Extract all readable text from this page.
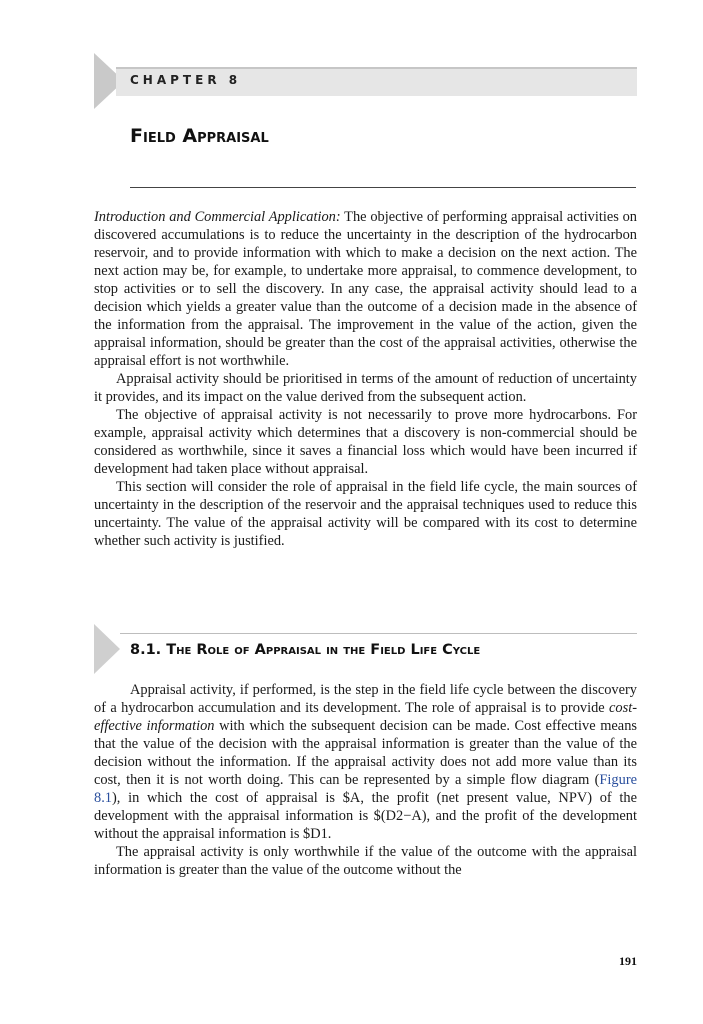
CHAPTER 8
Field Appraisal

Introduction and Commercial Application: The objective of performing appraisal activities on discovered accumulations is to reduce the uncertainty in the description of the hydrocarbon reservoir, and to provide information with which to make a decision on the next action. The next action may be, for example, to undertake more appraisal, to commence development, to stop activities or to sell the discovery. In any case, the appraisal activity should lead to a decision which yields a greater value than the outcome of a decision made in the absence of the information from the appraisal. The improvement in the value of the action, given the appraisal information, should be greater than the cost of the appraisal activities, otherwise the appraisal effort is not worthwhile.

Appraisal activity should be prioritised in terms of the amount of reduction of uncertainty it provides, and its impact on the value derived from the subsequent action.

The objective of appraisal activity is not necessarily to prove more hydrocarbons. For example, appraisal activity which determines that a discovery is non-commercial should be considered as worthwhile, since it saves a financial loss which would have been incurred if development had taken place without appraisal.

This section will consider the role of appraisal in the field life cycle, the main sources of uncertainty in the description of the reservoir and the appraisal techniques used to reduce this uncertainty. The value of the appraisal activity will be compared with its cost to determine whether such activity is justified.

8.1. The Role of Appraisal in the Field Life Cycle

Appraisal activity, if performed, is the step in the field life cycle between the discovery of a hydrocarbon accumulation and its development. The role of appraisal is to provide cost-effective information with which the subsequent decision can be made. Cost effective means that the value of the decision with the appraisal information is greater than the value of the decision without the information. If the appraisal activity does not add more value than its cost, then it is not worth doing. This can be represented by a simple flow diagram (Figure 8.1), in which the cost of appraisal is $A, the profit (net present value, NPV) of the development with the appraisal information is $(D2−A), and the profit of the development without the appraisal information is $D1.

The appraisal activity is only worthwhile if the value of the outcome with the appraisal information is greater than the value of the outcome without the

191
